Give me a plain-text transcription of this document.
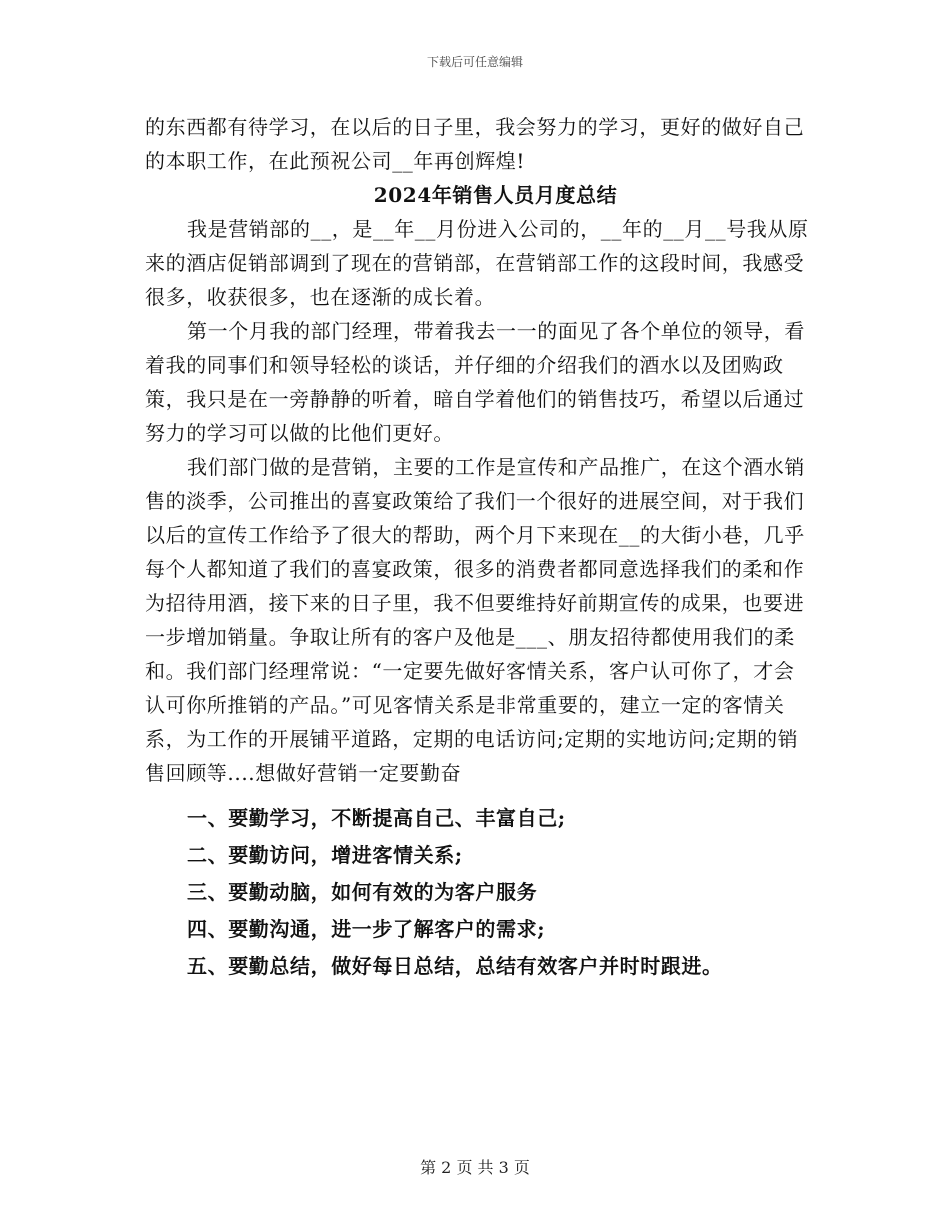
下载后可任意编辑

的东西都有待学习，在以后的日子里，我会努力的学习，更好的做好自己的本职工作，在此预祝公司__年再创辉煌!

2024年销售人员月度总结

我是营销部的__，是__年__月份进入公司的，__年的__月__号我从原来的酒店促销部调到了现在的营销部，在营销部工作的这段时间，我感受很多，收获很多，也在逐渐的成长着。

第一个月我的部门经理，带着我去一一的面见了各个单位的领导，看着我的同事们和领导轻松的谈话，并仔细的介绍我们的酒水以及团购政策，我只是在一旁静静的听着，暗自学着他们的销售技巧，希望以后通过努力的学习可以做的比他们更好。

我们部门做的是营销，主要的工作是宣传和产品推广，在这个酒水销售的淡季，公司推出的喜宴政策给了我们一个很好的进展空间，对于我们以后的宣传工作给予了很大的帮助，两个月下来现在__的大街小巷，几乎每个人都知道了我们的喜宴政策，很多的消费者都同意选择我们的柔和作为招待用酒，接下来的日子里，我不但要维持好前期宣传的成果，也要进一步增加销量。争取让所有的客户及他是___、朋友招待都使用我们的柔和。我们部门经理常说：“一定要先做好客情关系，客户认可你了，才会认可你所推销的产品。”可见客情关系是非常重要的，建立一定的客情关系，为工作的开展铺平道路，定期的电话访问;定期的实地访问;定期的销售回顾等....想做好营销一定要勤奋

一、要勤学习，不断提高自己、丰富自己;
二、要勤访问，增进客情关系;
三、要勤动脑，如何有效的为客户服务
四、要勤沟通，进一步了解客户的需求;
五、要勤总结，做好每日总结，总结有效客户并时时跟进。
第 2 页 共 3 页
